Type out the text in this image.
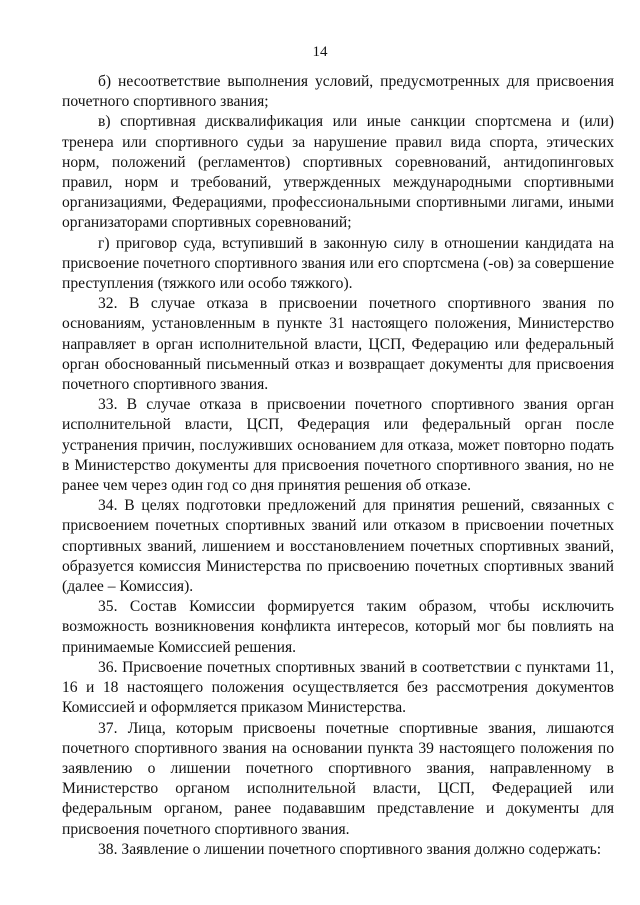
14

б) несоответствие выполнения условий, предусмотренных для присвоения почетного спортивного звания;

в) спортивная дисквалификация или иные санкции спортсмена и (или) тренера или спортивного судьи за нарушение правил вида спорта, этических норм, положений (регламентов) спортивных соревнований, антидопинговых правил, норм и требований, утвержденных международными спортивными организациями, Федерациями, профессиональными спортивными лигами, иными организаторами спортивных соревнований;

г) приговор суда, вступивший в законную силу в отношении кандидата на присвоение почетного спортивного звания или его спортсмена (-ов) за совершение преступления (тяжкого или особо тяжкого).

32. В случае отказа в присвоении почетного спортивного звания по основаниям, установленным в пункте 31 настоящего положения, Министерство направляет в орган исполнительной власти, ЦСП, Федерацию или федеральный орган обоснованный письменный отказ и возвращает документы для присвоения почетного спортивного звания.

33. В случае отказа в присвоении почетного спортивного звания орган исполнительной власти, ЦСП, Федерация или федеральный орган после устранения причин, послуживших основанием для отказа, может повторно подать в Министерство документы для присвоения почетного спортивного звания, но не ранее чем через один год со дня принятия решения об отказе.

34. В целях подготовки предложений для принятия решений, связанных с присвоением почетных спортивных званий или отказом в присвоении почетных спортивных званий, лишением и восстановлением почетных спортивных званий, образуется комиссия Министерства по присвоению почетных спортивных званий (далее – Комиссия).

35. Состав Комиссии формируется таким образом, чтобы исключить возможность возникновения конфликта интересов, который мог бы повлиять на принимаемые Комиссией решения.

36. Присвоение почетных спортивных званий в соответствии с пунктами 11, 16 и 18 настоящего положения осуществляется без рассмотрения документов Комиссией и оформляется приказом Министерства.

37. Лица, которым присвоены почетные спортивные звания, лишаются почетного спортивного звания на основании пункта 39 настоящего положения по заявлению о лишении почетного спортивного звания, направленному в Министерство органом исполнительной власти, ЦСП, Федерацией или федеральным органом, ранее подававшим представление и документы для присвоения почетного спортивного звания.

38. Заявление о лишении почетного спортивного звания должно содержать:
